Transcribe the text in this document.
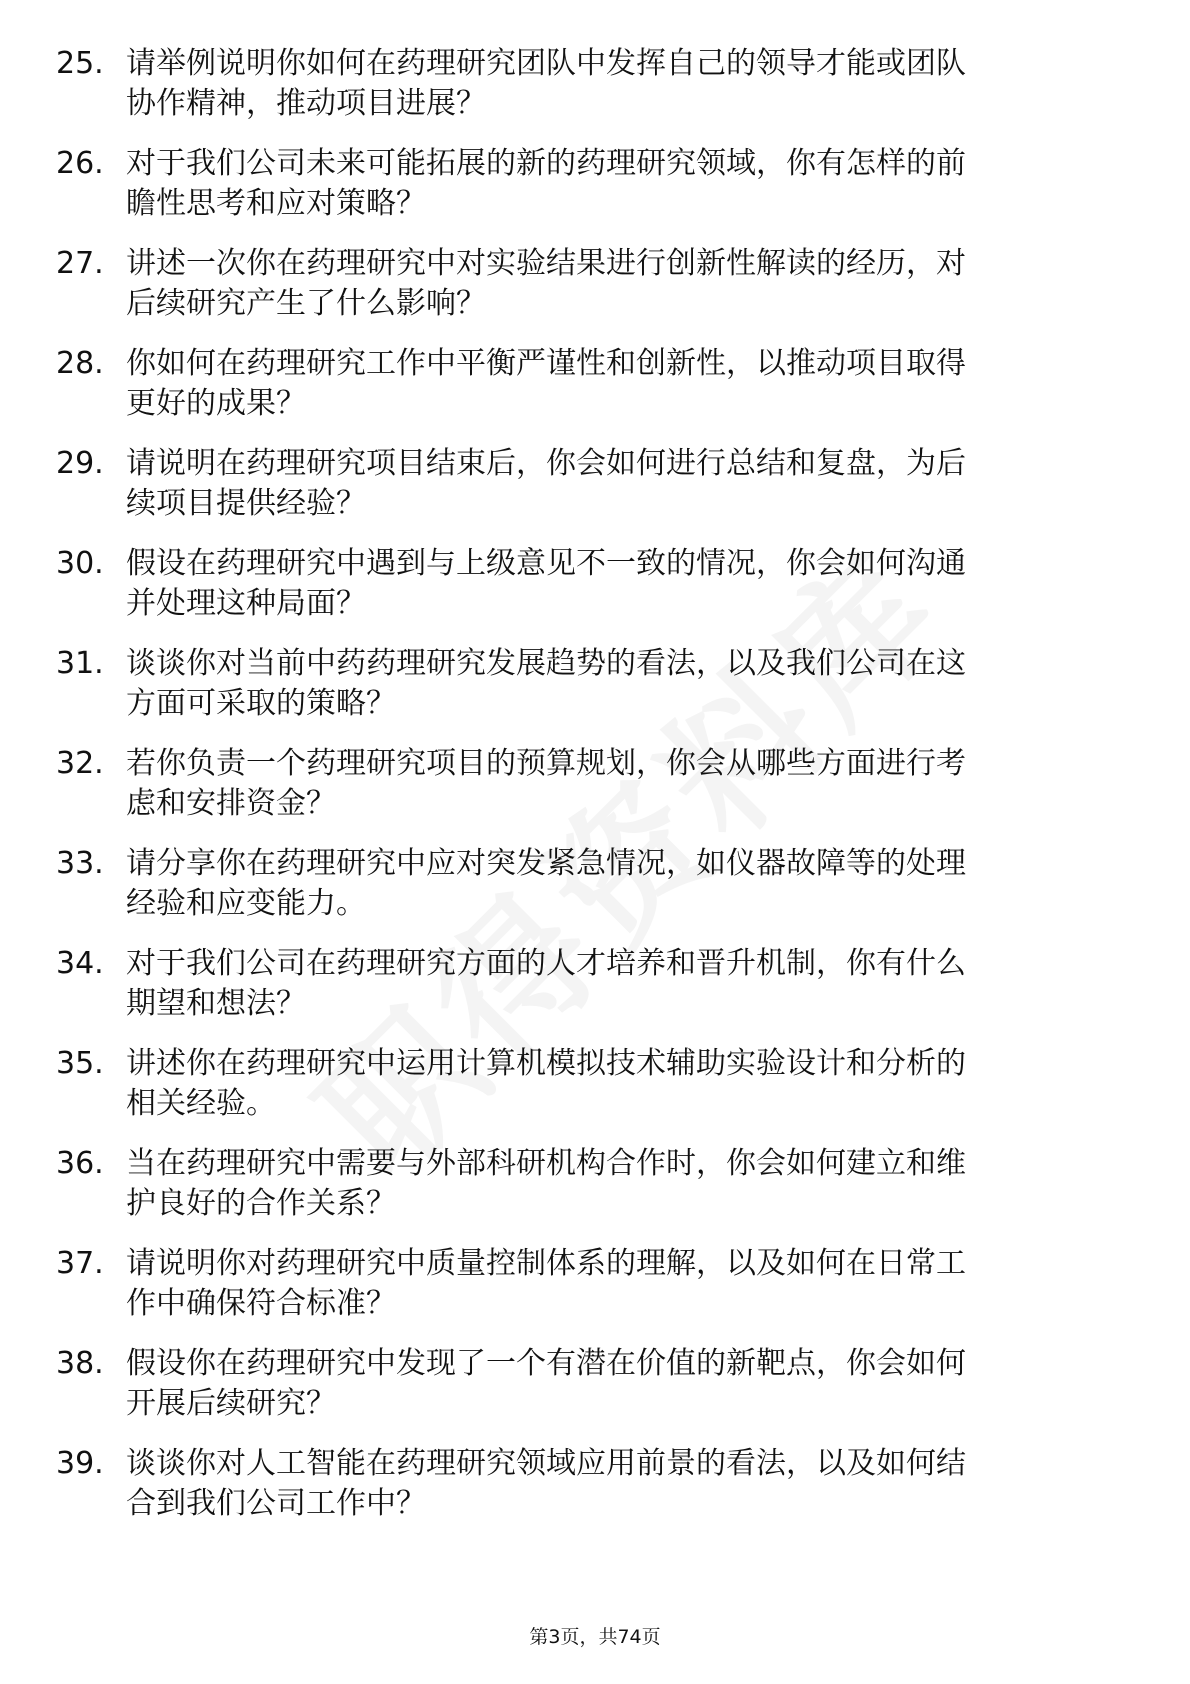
25. 请举例说明你如何在药理研究团队中发挥自己的领导才能或团队
协作精神，推动项目进展？
26. 对于我们公司未来可能拓展的新的药理研究领域，你有怎样的前
瞻性思考和应对策略？
27. 讲述一次你在药理研究中对实验结果进行创新性解读的经历，对
后续研究产生了什么影响？
28. 你如何在药理研究工作中平衡严谨性和创新性，以推动项目取得
更好的成果？
29. 请说明在药理研究项目结束后，你会如何进行总结和复盘，为后
续项目提供经验？
30. 假设在药理研究中遇到与上级意见不一致的情况，你会如何沟通
并处理这种局面？
31. 谈谈你对当前中药药理研究发展趋势的看法，以及我们公司在这
方面可采取的策略？
32. 若你负责一个药理研究项目的预算规划，你会从哪些方面进行考
虑和安排资金？
33. 请分享你在药理研究中应对突发紧急情况，如仪器故障等的处理
经验和应变能力。
34. 对于我们公司在药理研究方面的人才培养和晋升机制，你有什么
期望和想法？
35. 讲述你在药理研究中运用计算机模拟技术辅助实验设计和分析的
相关经验。
36. 当在药理研究中需要与外部科研机构合作时，你会如何建立和维
护良好的合作关系？
37. 请说明你对药理研究中质量控制体系的理解，以及如何在日常工
作中确保符合标准？
38. 假设你在药理研究中发现了一个有潜在价值的新靶点，你会如何
开展后续研究？
39. 谈谈你对人工智能在药理研究领域应用前景的看法，以及如何结
合到我们公司工作中？
第3页，共74页
